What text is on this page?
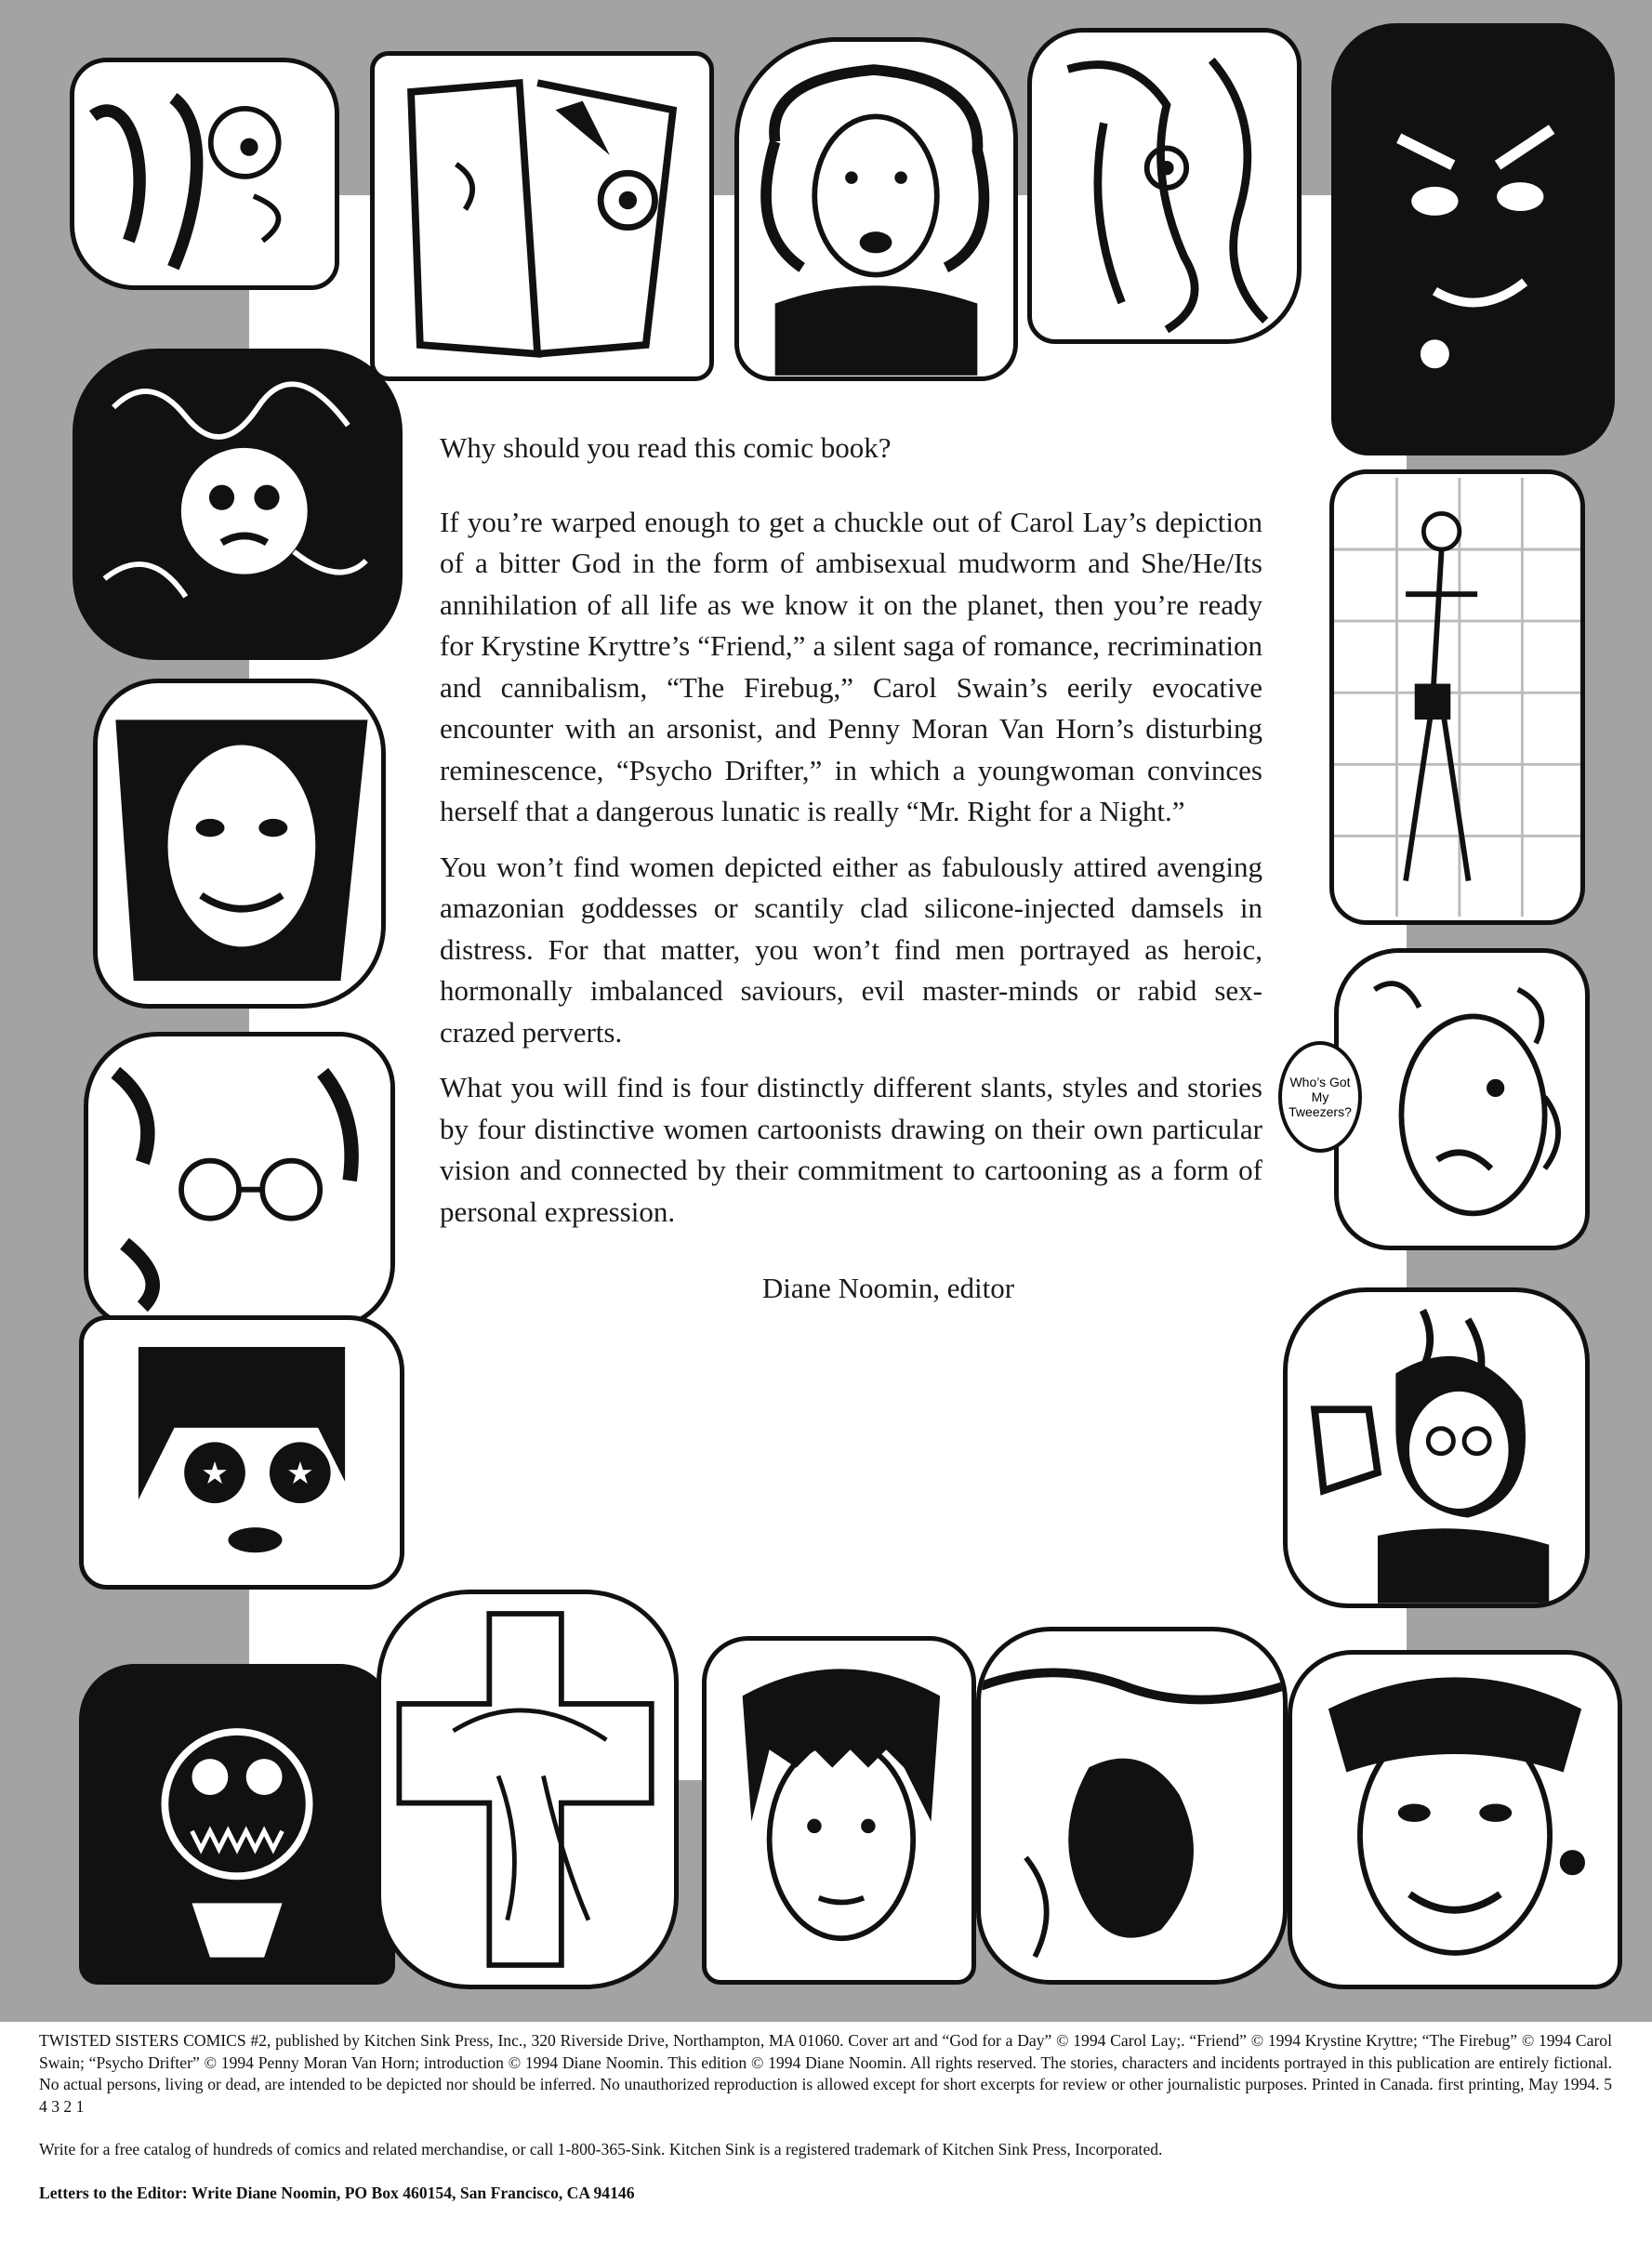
★ ★
Who’s Got My Tweezers?

Why should you read this comic book?

If you’re warped enough to get a chuckle out of Carol Lay’s depiction of a bitter God in the form of ambisexual mudworm and She/He/Its annihilation of all life as we know it on the planet, then you’re ready for Krystine Kryttre’s “Friend,” a silent saga of romance, recrimination and cannibalism, “The Firebug,” Carol Swain’s eerily evocative encounter with an arsonist, and Penny Moran Van Horn’s disturbing reminescence, “Psycho Drifter,” in which a youngwoman convinces herself that a dangerous lunatic is really “Mr. Right for a Night.”

You won’t find women depicted either as fabulously attired avenging amazonian goddesses or scantily clad silicone-injected damsels in distress. For that matter, you won’t find men portrayed as heroic, hormonally imbalanced saviours, evil master-minds or rabid sex-crazed perverts.

What you will find is four distinctly different slants, styles and stories by four distinctive women cartoonists drawing on their own particular vision and connected by their commitment to cartooning as a form of personal expression.

Diane Noomin, editor

TWISTED SISTERS COMICS #2, published by Kitchen Sink Press, Inc., 320 Riverside Drive, Northampton, MA 01060. Cover art and “God for a Day” © 1994 Carol Lay;. “Friend” © 1994 Krystine Kryttre; “The Firebug” © 1994 Carol Swain; “Psycho Drifter” © 1994 Penny Moran Van Horn; introduction © 1994 Diane Noomin. This edition © 1994 Diane Noomin. All rights reserved. The stories, characters and incidents portrayed in this publication are entirely fictional. No actual persons, living or dead, are intended to be depicted nor should be inferred. No unauthorized reproduction is allowed except for short excerpts for review or other journalistic purposes. Printed in Canada. first printing, May 1994. 5 4 3 2 1

Write for a free catalog of hundreds of comics and related merchandise, or call 1-800-365-Sink. Kitchen Sink is a registered trademark of Kitchen Sink Press, Incorporated.

Letters to the Editor: Write Diane Noomin, PO Box 460154, San Francisco, CA 94146
